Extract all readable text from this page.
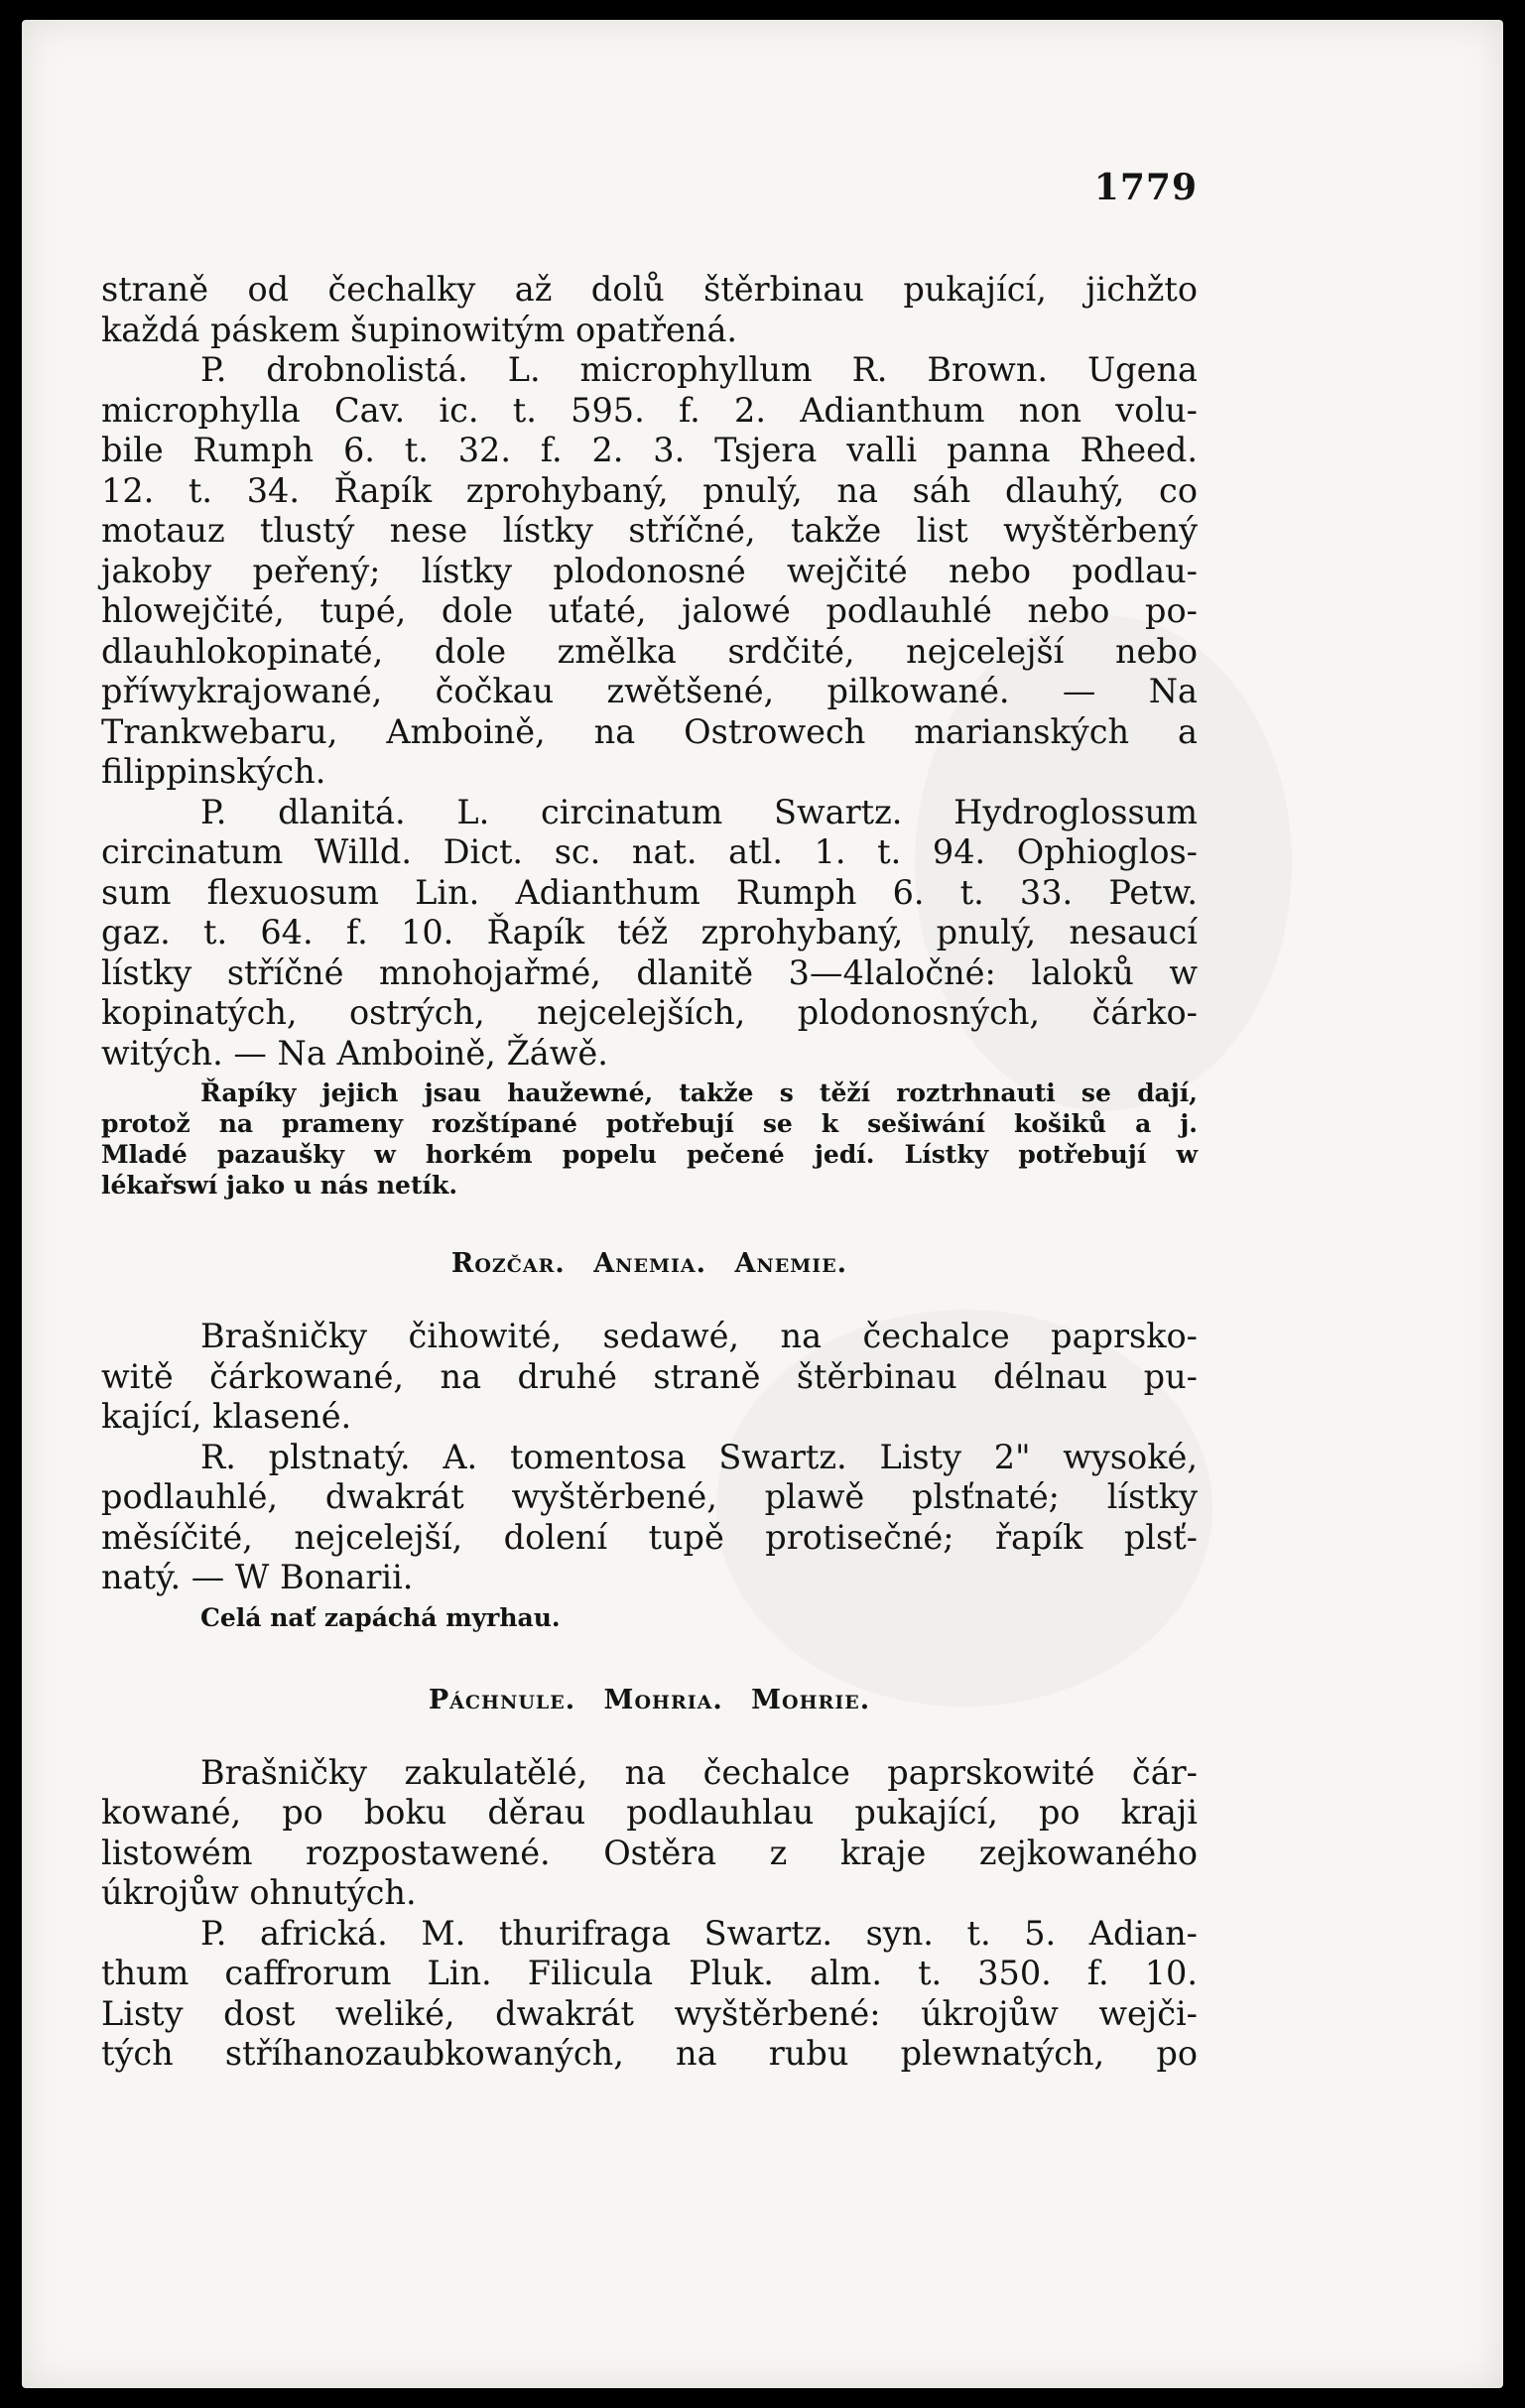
1779
straně od čechalky až dolů štěrbinau pukající, jichžto
každá páskem šupinowitým opatřená.
P. drobnolistá. L. microphyllum R. Brown. Ugena
microphylla Cav. ic. t. 595. f. 2. Adianthum non volu-
bile Rumph 6. t. 32. f. 2. 3. Tsjera valli panna Rheed.
12. t. 34. Řapík zprohybaný, pnulý, na sáh dlauhý, co
motauz tlustý nese lístky stříčné, takže list wyštěrbený
jakoby peřený; lístky plodonosné wejčité nebo podlau-
hlowejčité, tupé, dole uťaté, jalowé podlauhlé nebo po-
dlauhlokopinaté, dole změlka srdčité, nejcelejší nebo
příwykrajowané, čočkau zwětšené, pilkowané. — Na
Trankwebaru, Amboině, na Ostrowech marianských a
filippinských.
P. dlanitá. L. circinatum Swartz. Hydroglossum
circinatum Willd. Dict. sc. nat. atl. 1. t. 94. Ophioglos-
sum flexuosum Lin. Adianthum Rumph 6. t. 33. Petw.
gaz. t. 64. f. 10. Řapík též zprohybaný, pnulý, nesaucí
lístky stříčné mnohojařmé, dlanitě 3—4laločné: laloků w
kopinatých, ostrých, nejcelejších, plodonosných, čárko-
witých. — Na Amboině, Žáwě.
Řapíky jejich jsau haužewné, takže s těží roztrhnauti se dají,
protož na prameny rozštípané potřebují se k sešiwání košiků a j.
Mladé pazaušky w horkém popelu pečené jedí. Lístky potřebují w
lékařswí jako u nás netík.
Rozčar. Anemia. Anemie.
Brašničky čihowité, sedawé, na čechalce paprsko-
witě čárkowané, na druhé straně štěrbinau délnau pu-
kající, klasené.
R. plstnatý. A. tomentosa Swartz. Listy 2" wysoké,
podlauhlé, dwakrát wyštěrbené, plawě plsťnaté; lístky
měsíčité, nejcelejší, dolení tupě protisečné; řapík plsť-
natý. — W Bonarii.
Celá nať zapáchá myrhau.
Páchnule. Mohria. Mohrie.
Brašničky zakulatělé, na čechalce paprskowité čár-
kowané, po boku děrau podlauhlau pukající, po kraji
listowém rozpostawené. Ostěra z kraje zejkowaného
úkrojůw ohnutých.
P. africká. M. thurifraga Swartz. syn. t. 5. Adian-
thum caffrorum Lin. Filicula Pluk. alm. t. 350. f. 10.
Listy dost weliké, dwakrát wyštěrbené: úkrojůw wejči-
tých stříhanozaubkowaných, na rubu plewnatých, po
